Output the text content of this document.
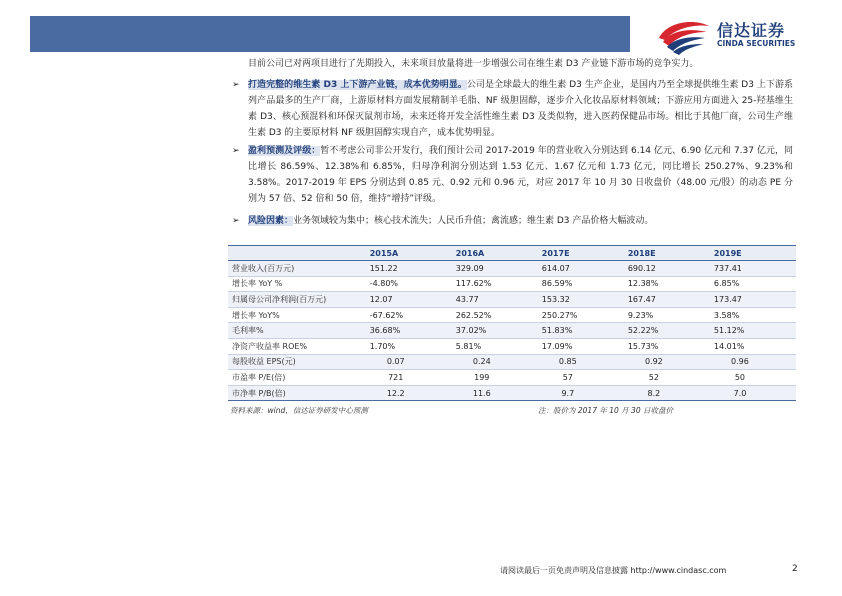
信达证券
CINDA SECURITIES

目前公司已对两项目进行了先期投入，未来项目放量将进一步增强公司在维生素 D3 产业链下游市场的竞争实力。

➢ 打造完整的维生素 D3 上下游产业链，成本优势明显。公司是全球最大的维生素 D3 生产企业，是国内乃至全球提供维生素 D3 上下游系列产品最多的生产厂商，上游原材料方面发展精制羊毛脂、NF 级胆固醇，逐步介入化妆品原材料领域；下游应用方面进入 25-羟基维生素 D3、核心预混料和环保灭鼠剂市场，未来还将开发全活性维生素 D3 及类似物，进入医药保健品市场。相比于其他厂商，公司生产维生素 D3 的主要原材料 NF 级胆固醇实现自产，成本优势明显。

➢ 盈利预测及评级：暂不考虑公司非公开发行，我们预计公司 2017-2019 年的营业收入分别达到 6.14 亿元、6.90 亿元和 7.37 亿元，同比增长 86.59%、12.38%和 6.85%，归母净利润分别达到 1.53 亿元、1.67 亿元和 1.73 亿元，同比增长 250.27%、9.23%和 3.58%。2017-2019 年 EPS 分别达到 0.85 元、0.92 元和 0.96 元，对应 2017 年 10 月 30 日收盘价（48.00 元/股）的动态 PE 分别为 57 倍、52 倍和 50 倍，维持“增持”评级。

➢ 风险因素：业务领域较为集中；核心技术流失；人民币升值；禽流感；维生素 D3 产品价格大幅波动。

	2015A	2016A	2017E	2018E	2019E
营业收入(百万元)	151.22	329.09	614.07	690.12	737.41
增长率 YoY %	-4.80%	117.62%	86.59%	12.38%	6.85%
归属母公司净利润(百万元)	12.07	43.77	153.32	167.47	173.47
增长率 YoY%	-67.62%	262.52%	250.27%	9.23%	3.58%
毛利率%	36.68%	37.02%	51.83%	52.22%	51.12%
净资产收益率 ROE%	1.70%	5.81%	17.09%	15.73%	14.01%
每股收益 EPS(元)	0.07	0.24	0.85	0.92	0.96
市盈率 P/E(倍)	721	199	57	52	50
市净率 P/B(倍)	12.2	11.6	9.7	8.2	7.0
资料来源：wind，信达证券研发中心预测	注：股价为 2017 年 10 月 30 日收盘价
请阅读最后一页免责声明及信息披露 http://www.cindasc.com	2
